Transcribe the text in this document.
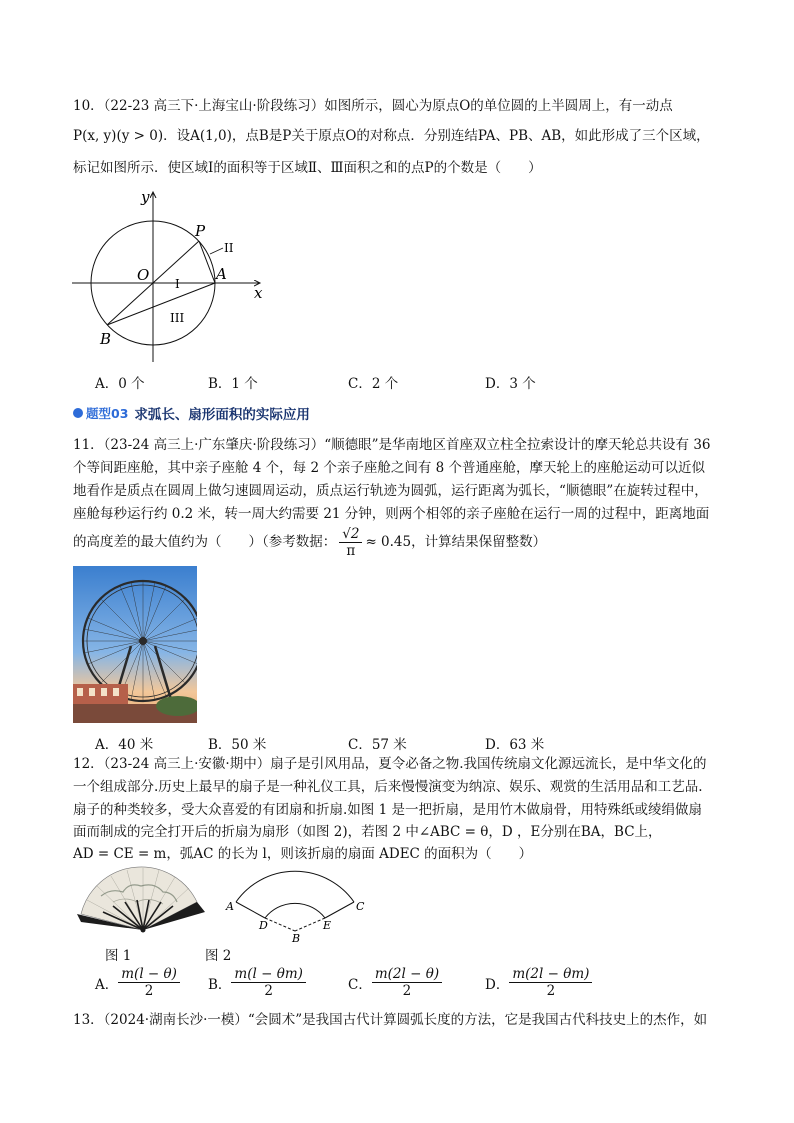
10．（22-23 高三下·上海宝山·阶段练习）如图所示，圆心为原点O的单位圆的上半圆周上，有一动点
P(x, y)(y > 0)．设A(1,0)，点B是P关于原点O的对称点．分别连结PA、PB、AB，如此形成了三个区域，
标记如图所示．使区域Ⅰ的面积等于区域Ⅱ、Ⅲ面积之和的点P的个数是（　　）
y
x
O
P
A
B
I
II
III
A．0 个	B．1 个	C．2 个	D．3 个
题型03 求弧长、扇形面积的实际应用
11．（23-24 高三上·广东肇庆·阶段练习）“顺德眼”是华南地区首座双立柱全拉索设计的摩天轮总共设有 36
个等间距座舱，其中亲子座舱 4 个，每 2 个亲子座舱之间有 8 个普通座舱，摩天轮上的座舱运动可以近似
地看作是质点在圆周上做匀速圆周运动，质点运行轨迹为圆弧，运行距离为弧长，“顺德眼”在旋转过程中，
座舱每秒运行约 0.2 米，转一周大约需要 21 分钟，则两个相邻的亲子座舱在运行一周的过程中，距离地面
的高度差的最大值约为（　　）（参考数据： $\frac{√2}{\pi} \approx 0.45$，计算结果保留整数）
A．40 米	B．50 米	C．57 米	D．63 米
12．（23-24 高三上·安徽·期中）扇子是引风用品，夏令必备之物.我国传统扇文化源远流长，是中华文化的
一个组成部分.历史上最早的扇子是一种礼仪工具，后来慢慢演变为纳凉、娱乐、观赏的生活用品和工艺品.
扇子的种类较多，受大众喜爱的有团扇和折扇.如图 1 是一把折扇，是用竹木做扇骨，用特殊纸或绫绢做扇
面而制成的完全打开后的折扇为扇形（如图 2)，若图 2 中∠ABC = θ，D ，E分别在BA，BC上，
AD = CE = m，弧AC 的长为 l，则该折扇的扇面 ADEC 的面积为（　　）
A	C
D	E
B
图 1	图 2
A． $\frac{m(l - \theta)}{2}$ B． $\frac{m(l - \theta m)}{2}$	C． $\frac{m(2l - \theta)}{2}$	D． $\frac{m(2l - \theta m)}{2}$
13．（2024·湖南长沙·一模）“会圆术”是我国古代计算圆弧长度的方法，它是我国古代科技史上的杰作，如
